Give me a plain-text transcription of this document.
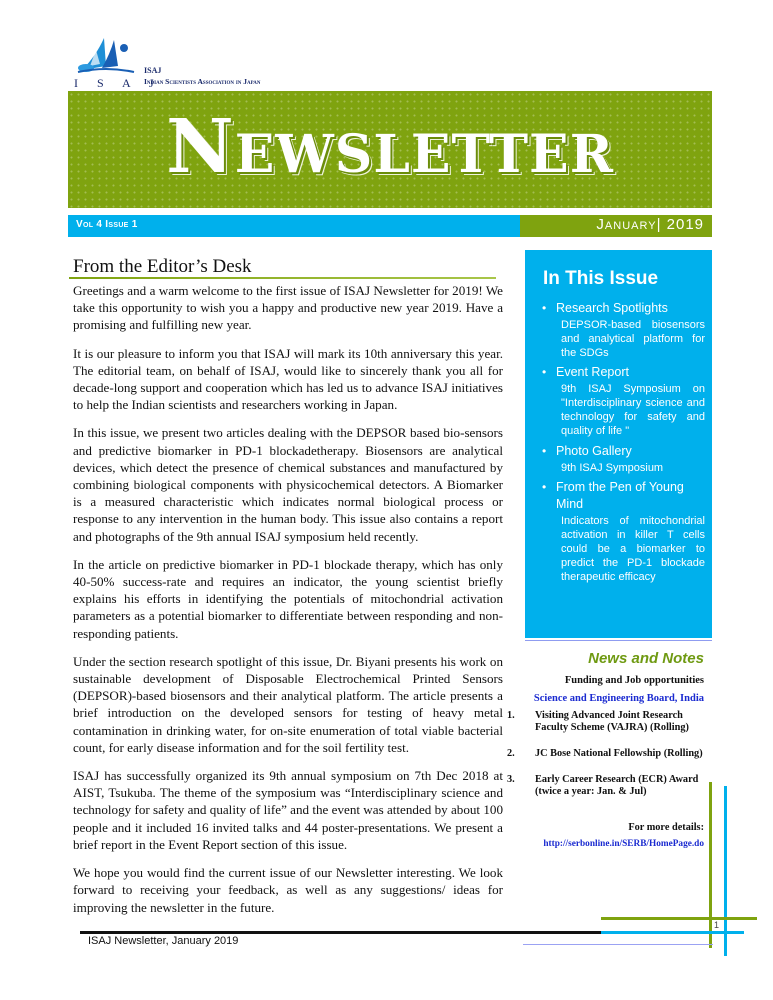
I S A J
ISAJ
Indian Scientists Association in Japan
Newsletter
Vol 4 Issue 1	January| 2019
From the Editor’s Desk

Greetings and a warm welcome to the first issue of ISAJ Newsletter for 2019! We take this opportunity to wish you a happy and productive new year 2019. Have a promising and fulfilling new year.

It is our pleasure to inform you that ISAJ will mark its 10th anniversary this year. The editorial team, on behalf of ISAJ, would like to sincerely thank you all for decade-long support and cooperation which has led us to advance ISAJ initiatives to help the Indian scientists and researchers working in Japan.

In this issue, we present two articles dealing with the DEPSOR based bio-sensors and predictive biomarker in PD-1 blockadetherapy. Biosensors are analytical devices, which detect the presence of chemical substances and manufactured by combining biological components with physicochemical detectors. A Biomarker is a measured characteristic which indicates normal biological process or response to any intervention in the human body. This issue also contains a report and photographs of the 9th annual ISAJ symposium held recently.

In the article on predictive biomarker in PD-1 blockade therapy, which has only 40-50% success-rate and requires an indicator, the young scientist briefly explains his efforts in identifying the potentials of mitochondrial activation parameters as a potential biomarker to differentiate between responding and non-responding patients.

Under the section research spotlight of this issue, Dr. Biyani presents his work on sustainable development of Disposable Electrochemical Printed Sensors (DEPSOR)-based biosensors and their analytical platform. The article presents a brief introduction on the developed sensors for testing of heavy metal contamination in drinking water, for on-site enumeration of total viable bacterial count, for early disease information and for the soil fertility test.

ISAJ has successfully organized its 9th annual symposium on 7th Dec 2018 at AIST, Tsukuba. The theme of the symposium was “Interdisciplinary science and technology for safety and quality of life” and the event was attended by about 100 people and it included 16 invited talks and 44 poster-presentations. We present a brief report in the Event Report section of this issue.

We hope you would find the current issue of our Newsletter interesting. We look forward to receiving your feedback, as well as any suggestions/ ideas for improving the newsletter in the future.

In This Issue
• Research Spotlights
DEPSOR-based biosensors and analytical platform for the SDGs
• Event Report
9th ISAJ Symposium on "Interdisciplinary science and technology for safety and quality of life "
• Photo Gallery
9th ISAJ Symposium
• From the Pen of Young Mind
Indicators of mitochondrial activation in killer T cells could be a biomarker to predict the PD-1 blockade therapeutic efficacy
News and Notes
Funding and Job opportunities
Science and Engineering Board, India
1. Visiting Advanced Joint Research Faculty Scheme (VAJRA) (Rolling)
2. JC Bose National Fellowship (Rolling)
3. Early Career Research (ECR) Award (twice a year: Jan. & Jul)
For more details:
http://serbonline.in/SERB/HomePage.do
1
ISAJ Newsletter, January 2019
